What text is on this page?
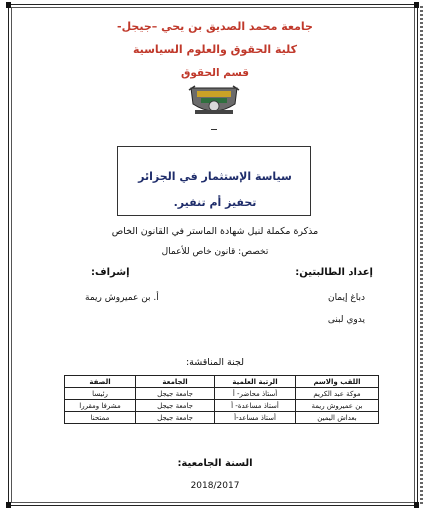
جامعة محمد الصديق بن يحي –جيجل-
كلية الحقوق والعلوم السياسية
قسم الحقوق
سياسة الإستثمار في الجزائر
تحفيز أم تنفير.
مذكرة مكملة لنيل شهادة الماستر في القانون الخاص
تخصص: قانون خاص للأعمال
إعداد الطالبتين:
إشراف:
دباغ إيمان
يدوي لبنى
أ. بن عميروش ريمة
لجنة المناقشة:
اللقب والاسم	الرتبة العلمية	الجامعة	الصفة
موكة عبد الكريم	أستاذ محاضر- أ	جامعة جيجل	رئيسا
بن عميروش ريمة	أستاذ مساعدة- أ	جامعة جيجل	مشرفا ومقررا
بعداش اليمين	أستاذ مساعد-أ	جامعة جيجل	ممتحنا
السنة الجامعية:
2018/2017
